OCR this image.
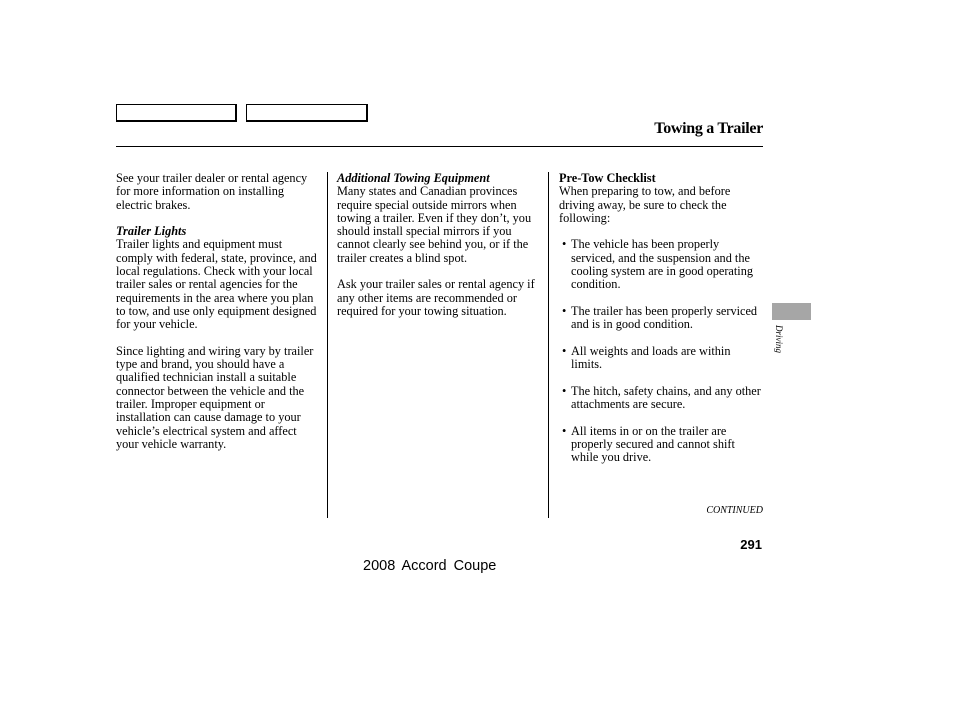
Towing a Trailer

See your trailer dealer or rental agency for more information on installing electric brakes.

Trailer Lights

Trailer lights and equipment must comply with federal, state, province, and local regulations. Check with your local trailer sales or rental agencies for the requirements in the area where you plan to tow, and use only equipment designed for your vehicle.

Since lighting and wiring vary by trailer type and brand, you should have a qualified technician install a suitable connector between the vehicle and the trailer. Improper equipment or installation can cause damage to your vehicle’s electrical system and affect your vehicle warranty.

Additional Towing Equipment

Many states and Canadian provinces require special outside mirrors when towing a trailer. Even if they don’t, you should install special mirrors if you cannot clearly see behind you, or if the trailer creates a blind spot.

Ask your trailer sales or rental agency if any other items are recommended or required for your towing situation.

Pre-Tow Checklist

When preparing to tow, and before driving away, be sure to check the following:

• The vehicle has been properly serviced, and the suspension and the cooling system are in good operating condition.
• The trailer has been properly serviced and is in good condition.
• All weights and loads are within limits.
• The hitch, safety chains, and any other attachments are secure.
• All items in or on the trailer are properly secured and cannot shift while you drive.
Driving
CONTINUED
291
2008 Accord Coupe
